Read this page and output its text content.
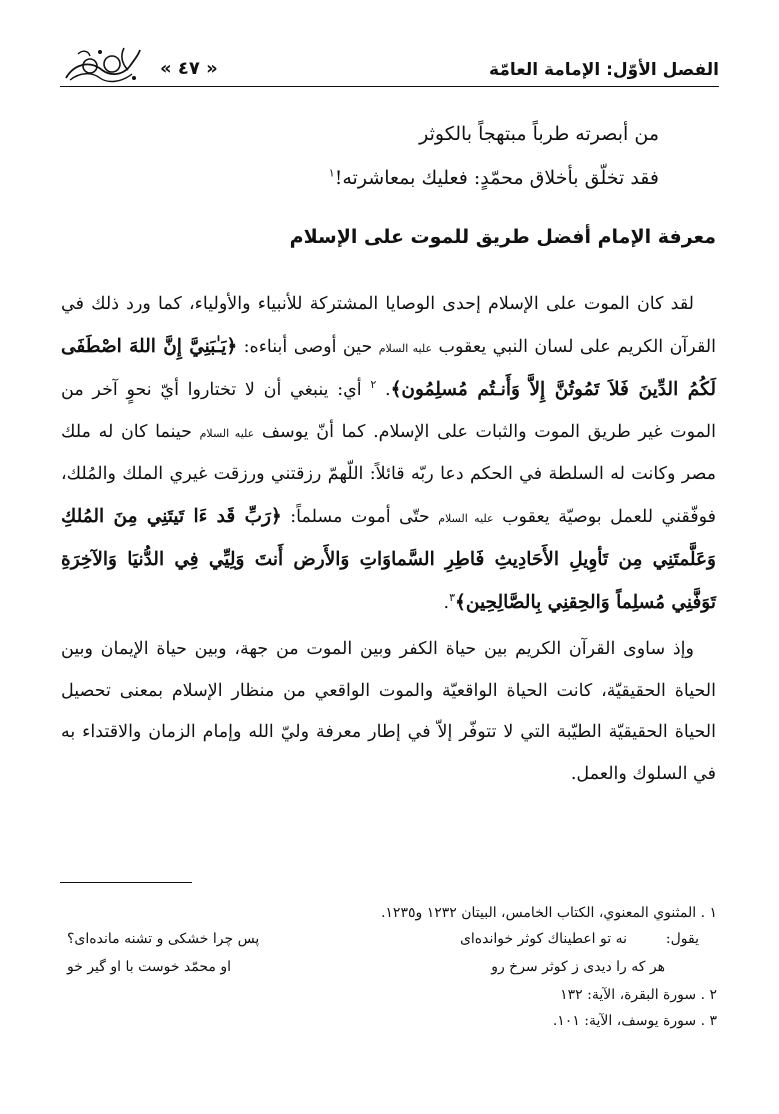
الفصل الأوّل: الإمامة العامّة
« ٤٧ »
من أبصرته طرباً مبتهجاً بالكوثر
فقد تخلّق بأخلاق محمّدٍ: فعليك بمعاشرته!$^١$
معرفة الإمام أفضل طريق للموت على الإسلام

لقد كان الموت على الإسلام إحدى الوصايا المشتركة للأنبياء والأولياء، كما ورد ذلك في القرآن الكريم على لسان النبي يعقوب عليه السلام حين أوصى أبناءه: ﴿يَـٰبَنِيَّ إِنَّ اللهَ اصْطَفَى لَكُمُ الدِّينَ فَلاَ تَمُوتُنَّ إِلاَّ وَأَنـتُم مُسلِمُون﴾. $^٢$ أي: ينبغي أن لا تختاروا أيّ نحوٍ آخر من الموت غير طريق الموت والثبات على الإسلام. كما أنّ يوسف عليه السلام حينما كان له ملك مصر وكانت له السلطة في الحكم دعا ربّه قائلاً: اللّهمّ رزقتني ورزقت غيري الملك والمُلك، فوفّقني للعمل بوصيّة يعقوب عليه السلام حتّى أموت مسلماً: ﴿رَبِّ قَد ءَا تَيتَنِي مِنَ المُلكِ وَعَلَّمتَنِي مِن تَأوِيلِ الأَحَادِيثِ فَاطِرِ السَّماوَاتِ وَالأَرض أَنتَ وَلِيِّي فِي الدُّنيَا وَالآخِرَةِ تَوَفَّنِي مُسلِماً وَالحِقنِي بِالصَّالِحِين﴾$^٣$.

وإذ ساوى القرآن الكريم بين حياة الكفر وبين الموت من جهة، وبين حياة الإيمان وبين الحياة الحقيقيّة، كانت الحياة الواقعيّة والموت الواقعي من منظار الإسلام بمعنى تحصيل الحياة الحقيقيّة الطيّبة التي لا تتوفّر إلاّ في إطار معرفة وليّ الله وإمام الزمان والاقتداء به في السلوك والعمل.

١ . المثنوي المعنوي، الكتاب الخامس، البيتان ١٢٣٢ و١٢٣٥.
يقول:
نه تو اعطيناك كوثر خوانده‌ای
پس چرا خشكی و تشنه مانده‌ای؟
هر كه را دیدی ز كوثر سرخ رو
او محمّد خوست با او گیر خو
٢ . سورة البقرة، الآية: ١٣٢
٣ . سورة يوسف، الآية: ١٠١.
